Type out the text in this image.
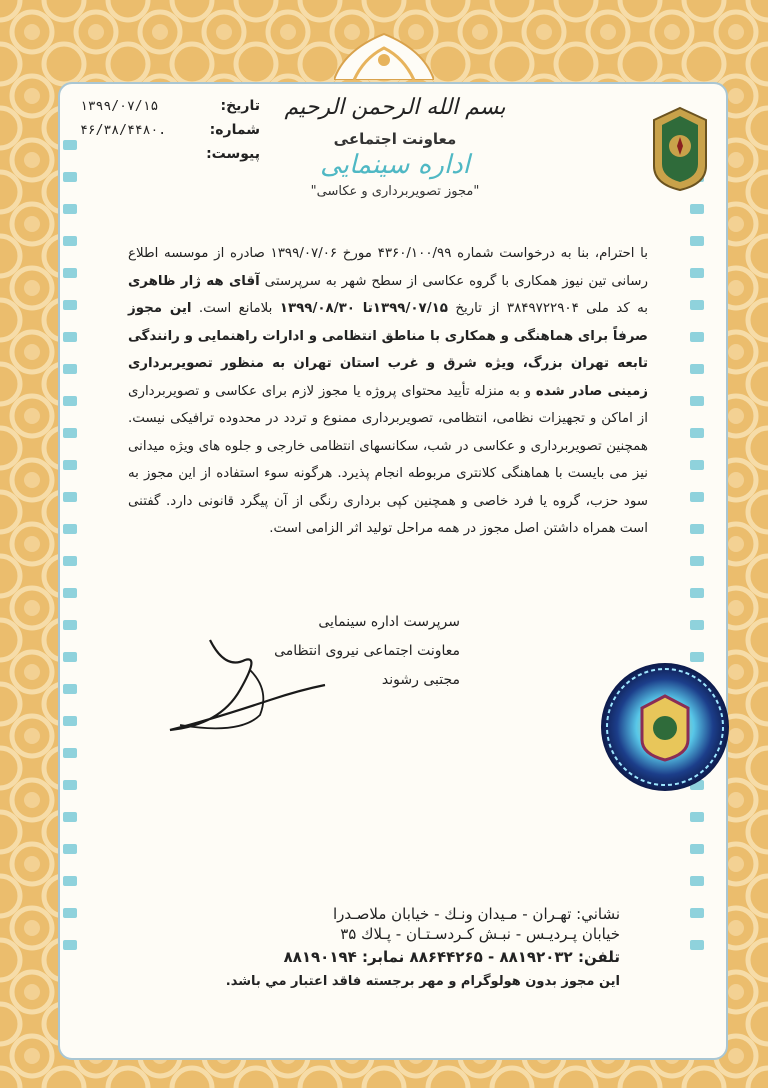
تاریخ:
۱۳۹۹/۰۷/۱۵
شماره:
۴۶/۳۸/۴۴۸۰.
پیوست:
بسم الله الرحمن الرحیم
معاونت اجتماعی
اداره سینمایی
"مجوز تصویربرداری و عکاسی"
با احترام، بنا به درخواست شماره ۴۳۶۰/۱۰۰/۹۹ مورخ ۱۳۹۹/۰۷/۰۶ صادره از موسسه اطلاع رسانی تین نیوز همکاری با گروه عکاسی از سطح شهر به سرپرستی آقای هه ژار ظاهری به کد ملی ۳۸۴۹۷۲۲۹۰۴ از تاریخ ۱۳۹۹/۰۷/۱۵تا ۱۳۹۹/۰۸/۳۰ بلامانع است. این مجوز صرفاً برای هماهنگی و همکاری با مناطق انتظامی و ادارات راهنمایی و رانندگی تابعه تهران بزرگ، ویژه شرق و غرب استان تهران به منظور تصویربرداری زمینی صادر شده و به منزله تأیید محتوای پروژه یا مجوز لازم برای عکاسی و تصویربرداری از اماکن و تجهیزات نظامی، انتظامی، تصویربرداری ممنوع و تردد در محدوده ترافیکی نیست. همچنین تصویربرداری و عکاسی در شب، سکانسهای انتظامی خارجی و جلوه های ویژه میدانی نیز می بایست با هماهنگی کلانتری مربوطه انجام پذیرد. هرگونه سوء استفاده از این مجوز به سود حزب، گروه یا فرد خاصی و همچنین کپی برداری رنگی از آن پیگرد قانونی دارد. گفتنی است همراه داشتن اصل مجوز در همه مراحل تولید اثر الزامی است.
سرپرست اداره سینمایی
معاونت اجتماعی نیروی انتظامی
مجتبی رشوند
نشاني: تهـران - مـيدان ونـك - خيابان ملاصـدرا
خيابان پـرديـس - نبـش كـردسـتـان - پـلاك ۳۵
تلفن: ۸۸۱۹۲۰۳۲ - ۸۸۶۴۴۲۶۵ نمابر: ۸۸۱۹۰۱۹۴
اين مجوز بدون هولوگرام و مهر برجسته فاقد اعتبار مي باشد.
